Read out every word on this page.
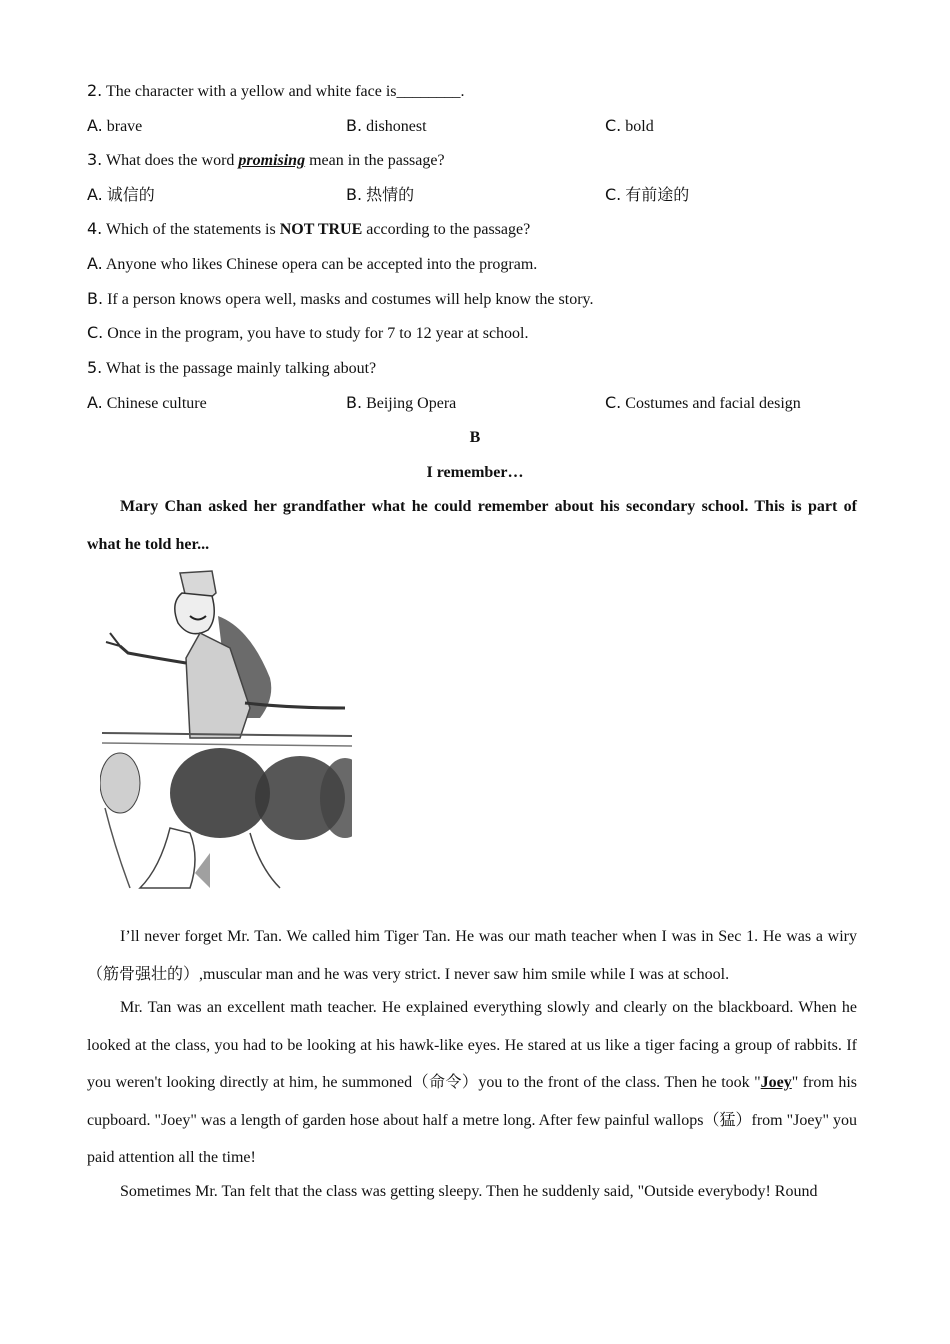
2. The character with a yellow and white face is________.
A. brave	B. dishonest	C. bold
3. What does the word promising mean in the passage?
A. 诚信的	B. 热情的	C. 有前途的
4. Which of the statements is NOT TRUE according to the passage?
A. Anyone who likes Chinese opera can be accepted into the program.
B. If a person knows opera well, masks and costumes will help know the story.
C. Once in the program, you have to study for 7 to 12 year at school.
5. What is the passage mainly talking about?
A. Chinese culture	B. Beijing Opera	C. Costumes and facial design
B
I remember…
Mary Chan asked her grandfather what he could remember about his secondary school. This is part of what he told her...
I’ll never forget Mr. Tan. We called him Tiger Tan. He was our math teacher when I was in Sec 1. He was a wiry（筋骨强壮的）,muscular man and he was very strict. I never saw him smile while I was at school.
Mr. Tan was an excellent math teacher. He explained everything slowly and clearly on the blackboard. When he looked at the class, you had to be looking at his hawk-like eyes. He stared at us like a tiger facing a group of rabbits. If you weren't looking directly at him, he summoned（命令）you to the front of the class. Then he took "Joey" from his cupboard. "Joey" was a length of garden hose about half a metre long. After few painful wallops（猛）from "Joey" you paid attention all the time!
Sometimes Mr. Tan felt that the class was getting sleepy. Then he suddenly said, "Outside everybody! Round
